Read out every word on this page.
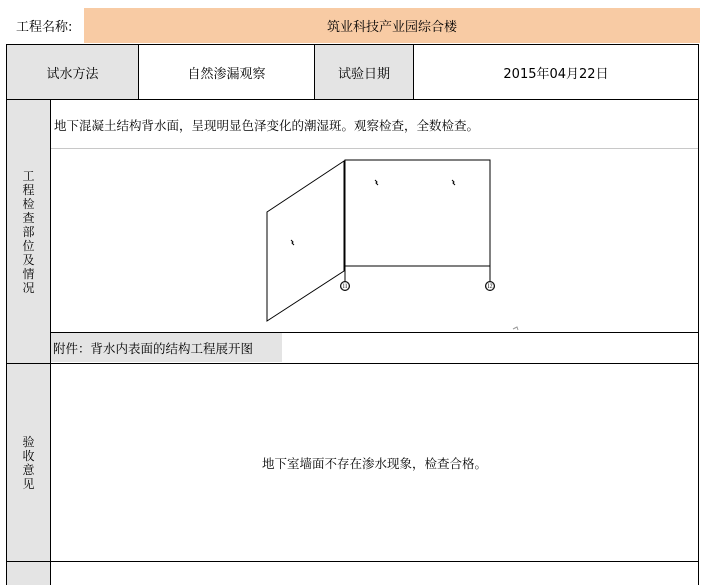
工程名称:	筑业科技产业园综合楼
试水方法	自然渗漏观察	试验日期	2015年04月22日
工
程
检
查
部
位
及
情
况
地下混凝土结构背水面，呈现明显色泽变化的潮湿斑。观察检查，全数检查。
⑪	⑫
附件：背水内表面的结构工程展开图
验
收
意
见
地下室墙面不存在渗水现象，检查合格。
